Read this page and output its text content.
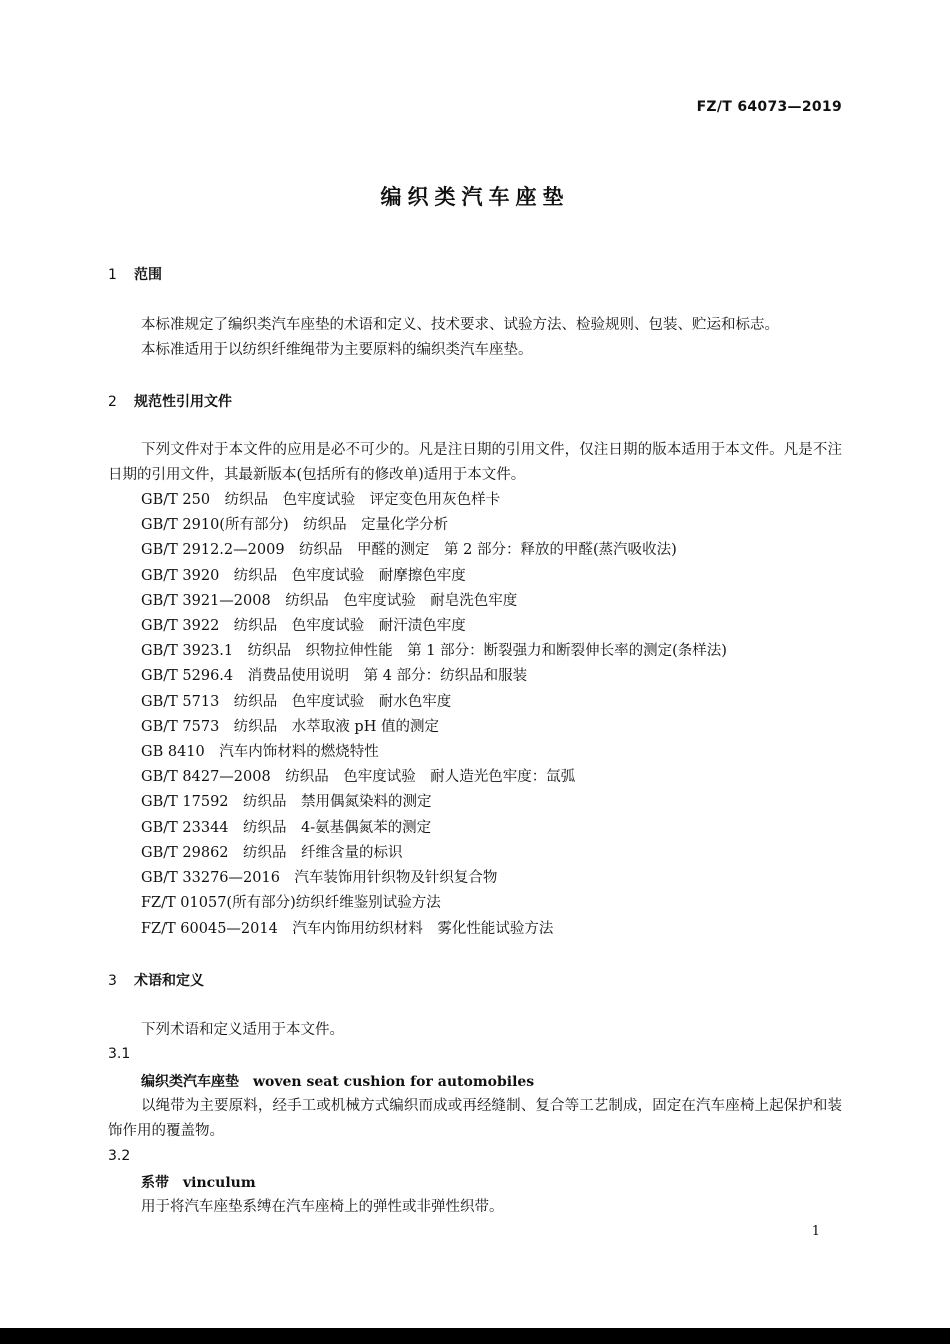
FZ/T 64073—2019
编织类汽车座垫
1 范围
本标准规定了编织类汽车座垫的术语和定义、技术要求、试验方法、检验规则、包装、贮运和标志。
本标准适用于以纺织纤维绳带为主要原料的编织类汽车座垫。
2 规范性引用文件
下列文件对于本文件的应用是必不可少的。凡是注日期的引用文件，仅注日期的版本适用于本文件。凡是不注日期的引用文件，其最新版本(包括所有的修改单)适用于本文件。
GB/T 250　纺织品　色牢度试验　评定变色用灰色样卡
GB/T 2910(所有部分)　纺织品　定量化学分析
GB/T 2912.2—2009　纺织品　甲醛的测定　第 2 部分：释放的甲醛(蒸汽吸收法)
GB/T 3920　纺织品　色牢度试验　耐摩擦色牢度
GB/T 3921—2008　纺织品　色牢度试验　耐皂洗色牢度
GB/T 3922　纺织品　色牢度试验　耐汗渍色牢度
GB/T 3923.1　纺织品　织物拉伸性能　第 1 部分：断裂强力和断裂伸长率的测定(条样法)
GB/T 5296.4　消费品使用说明　第 4 部分：纺织品和服装
GB/T 5713　纺织品　色牢度试验　耐水色牢度
GB/T 7573　纺织品　水萃取液 pH 值的测定
GB 8410　汽车内饰材料的燃烧特性
GB/T 8427—2008　纺织品　色牢度试验　耐人造光色牢度：氙弧
GB/T 17592　纺织品　禁用偶氮染料的测定
GB/T 23344　纺织品　4-氨基偶氮苯的测定
GB/T 29862　纺织品　纤维含量的标识
GB/T 33276—2016　汽车装饰用针织物及针织复合物
FZ/T 01057(所有部分)纺织纤维鉴别试验方法
FZ/T 60045—2014　汽车内饰用纺织材料　雾化性能试验方法
3 术语和定义
下列术语和定义适用于本文件。
3.1
编织类汽车座垫 woven seat cushion for automobiles
以绳带为主要原料，经手工或机械方式编织而成或再经缝制、复合等工艺制成，固定在汽车座椅上起保护和装饰作用的覆盖物。
3.2
系带 vinculum
用于将汽车座垫系缚在汽车座椅上的弹性或非弹性织带。
1
